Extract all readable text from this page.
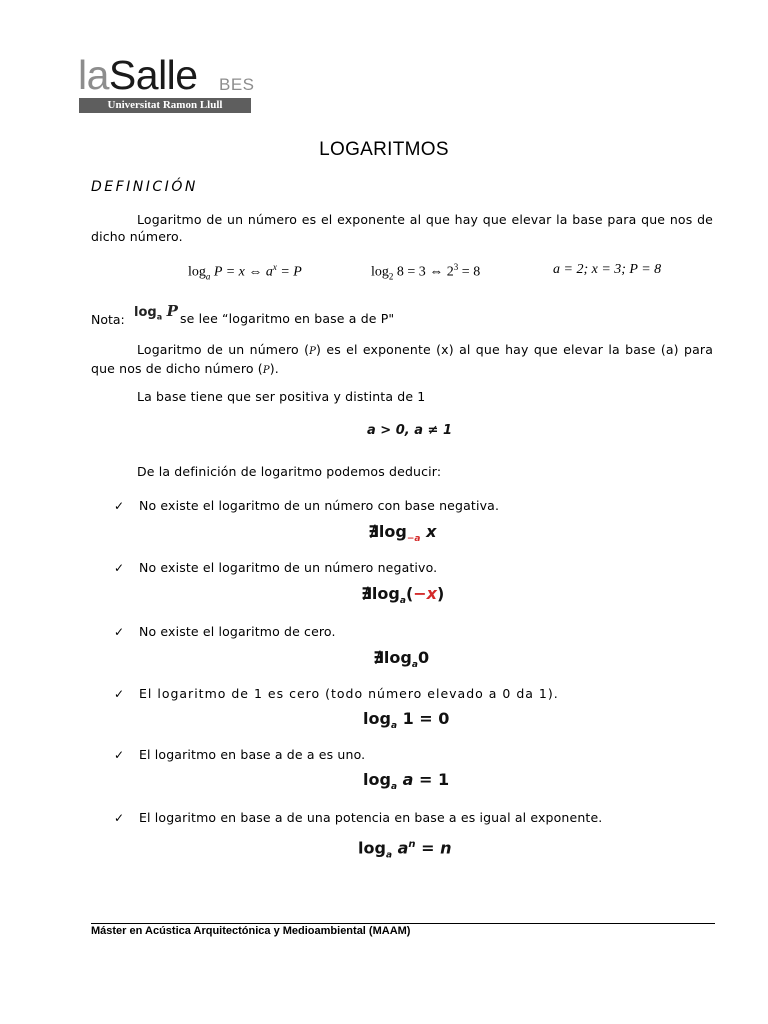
laSalle BES
Universitat Ramon Llull
LOGARITMOS
DEFINICIÓN
Logaritmo de un número es el exponente al que hay que elevar la base para que nos de dicho número.
$\log_a P = x$ ⇔ $a^x = P$	$\log_2 8 = 3$ ⇔ $2^3 = 8$	a = 2; x = 3; P = 8
Nota: $\log_a P$ se lee “logaritmo en base a de P"
Logaritmo de un número (P) es el exponente (x) al que hay que elevar la base (a) para que nos de dicho número (P).
La base tiene que ser positiva y distinta de 1
a > 0, a ≠ 1
De la definición de logaritmo podemos deducir:
✓ No existe el logaritmo de un número con base negativa.
$∄\log_{-a}$ x
✓ No existe el logaritmo de un número negativo.
$∄\log_a(-x)$
✓ No existe el logaritmo de cero.
$∄\log_a0$
✓ El logaritmo de 1 es cero (todo número elevado a 0 da 1).
$\log_a 1 = 0$
✓ El logaritmo en base a de a es uno.
$\log_a a = 1$
✓ El logaritmo en base a de una potencia en base a es igual al exponente.
$\log_a a^n = n$
Máster en Acústica Arquitectónica y Medioambiental (MAAM)
